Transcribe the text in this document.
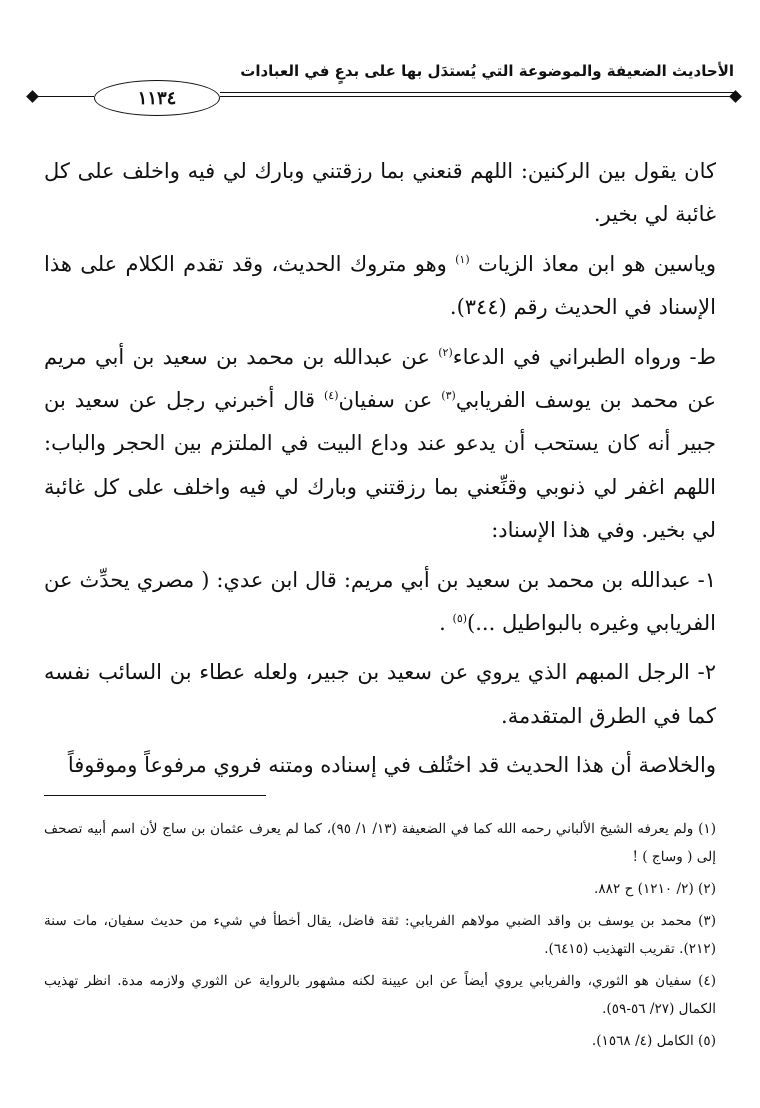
الأحاديث الضعيفة والموضوعة التي يُستدَل بها على بدعٍ في العبادات
١١٣٤

كان يقول بين الركنين: اللهم قنعني بما رزقتني وبارك لي فيه واخلف على كل غائبة لي بخير.

وياسين هو ابن معاذ الزيات $^{(١)}$ وهو متروك الحديث، وقد تقدم الكلام على هذا الإسناد في الحديث رقم (٣٤٤).

ط- ورواه الطبراني في الدعاء$^{(٢)}$ عن عبدالله بن محمد بن سعيد بن أبي مريم عن محمد بن يوسف الفريابي$^{(٣)}$ عن سفيان$^{(٤)}$ قال أخبرني رجل عن سعيد بن جبير أنه كان يستحب أن يدعو عند وداع البيت في الملتزم بين الحجر والباب: اللهم اغفر لي ذنوبي وقنِّعني بما رزقتني وبارك لي فيه واخلف على كل غائبة لي بخير. وفي هذا الإسناد:

١- عبدالله بن محمد بن سعيد بن أبي مريم: قال ابن عدي: ( مصري يحدِّث عن الفريابي وغيره بالبواطيل ...)$^{(٥)}$ .

٢- الرجل المبهم الذي يروي عن سعيد بن جبير، ولعله عطاء بن السائب نفسه كما في الطرق المتقدمة.

والخلاصة أن هذا الحديث قد اختُلف في إسناده ومتنه فروي مرفوعاً وموقوفاً

(١) ولم يعرفه الشيخ الألباني رحمه الله كما في الضعيفة (١٣/ ١/ ٩٥)، كما لم يعرف عثمان بن ساج لأن اسم أبيه تصحف إلى ( وساج ) !

(٢) (٢/ ١٢١٠) ح ٨٨٢.

(٣) محمد بن يوسف بن واقد الضبي مولاهم الفريابي: ثقة فاضل، يقال أخطأ في شيء من حديث سفيان، مات سنة (٢١٢). تقريب التهذيب (٦٤١٥).

(٤) سفيان هو الثوري، والفريابي يروي أيضاً عن ابن عيينة لكنه مشهور بالرواية عن الثوري ولازمه مدة. انظر تهذيب الكمال (٢٧/ ٥٦-٥٩).

(٥) الكامل (٤/ ١٥٦٨).
